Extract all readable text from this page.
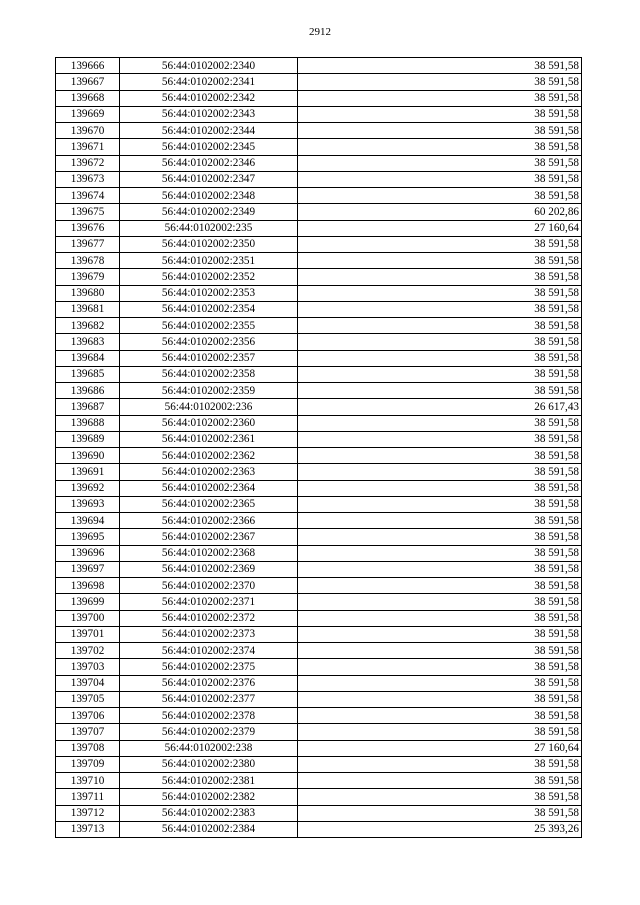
2912
139666	56:44:0102002:2340	38 591,58
139667	56:44:0102002:2341	38 591,58
139668	56:44:0102002:2342	38 591,58
139669	56:44:0102002:2343	38 591,58
139670	56:44:0102002:2344	38 591,58
139671	56:44:0102002:2345	38 591,58
139672	56:44:0102002:2346	38 591,58
139673	56:44:0102002:2347	38 591,58
139674	56:44:0102002:2348	38 591,58
139675	56:44:0102002:2349	60 202,86
139676	56:44:0102002:235	27 160,64
139677	56:44:0102002:2350	38 591,58
139678	56:44:0102002:2351	38 591,58
139679	56:44:0102002:2352	38 591,58
139680	56:44:0102002:2353	38 591,58
139681	56:44:0102002:2354	38 591,58
139682	56:44:0102002:2355	38 591,58
139683	56:44:0102002:2356	38 591,58
139684	56:44:0102002:2357	38 591,58
139685	56:44:0102002:2358	38 591,58
139686	56:44:0102002:2359	38 591,58
139687	56:44:0102002:236	26 617,43
139688	56:44:0102002:2360	38 591,58
139689	56:44:0102002:2361	38 591,58
139690	56:44:0102002:2362	38 591,58
139691	56:44:0102002:2363	38 591,58
139692	56:44:0102002:2364	38 591,58
139693	56:44:0102002:2365	38 591,58
139694	56:44:0102002:2366	38 591,58
139695	56:44:0102002:2367	38 591,58
139696	56:44:0102002:2368	38 591,58
139697	56:44:0102002:2369	38 591,58
139698	56:44:0102002:2370	38 591,58
139699	56:44:0102002:2371	38 591,58
139700	56:44:0102002:2372	38 591,58
139701	56:44:0102002:2373	38 591,58
139702	56:44:0102002:2374	38 591,58
139703	56:44:0102002:2375	38 591,58
139704	56:44:0102002:2376	38 591,58
139705	56:44:0102002:2377	38 591,58
139706	56:44:0102002:2378	38 591,58
139707	56:44:0102002:2379	38 591,58
139708	56:44:0102002:238	27 160,64
139709	56:44:0102002:2380	38 591,58
139710	56:44:0102002:2381	38 591,58
139711	56:44:0102002:2382	38 591,58
139712	56:44:0102002:2383	38 591,58
139713	56:44:0102002:2384	25 393,26
